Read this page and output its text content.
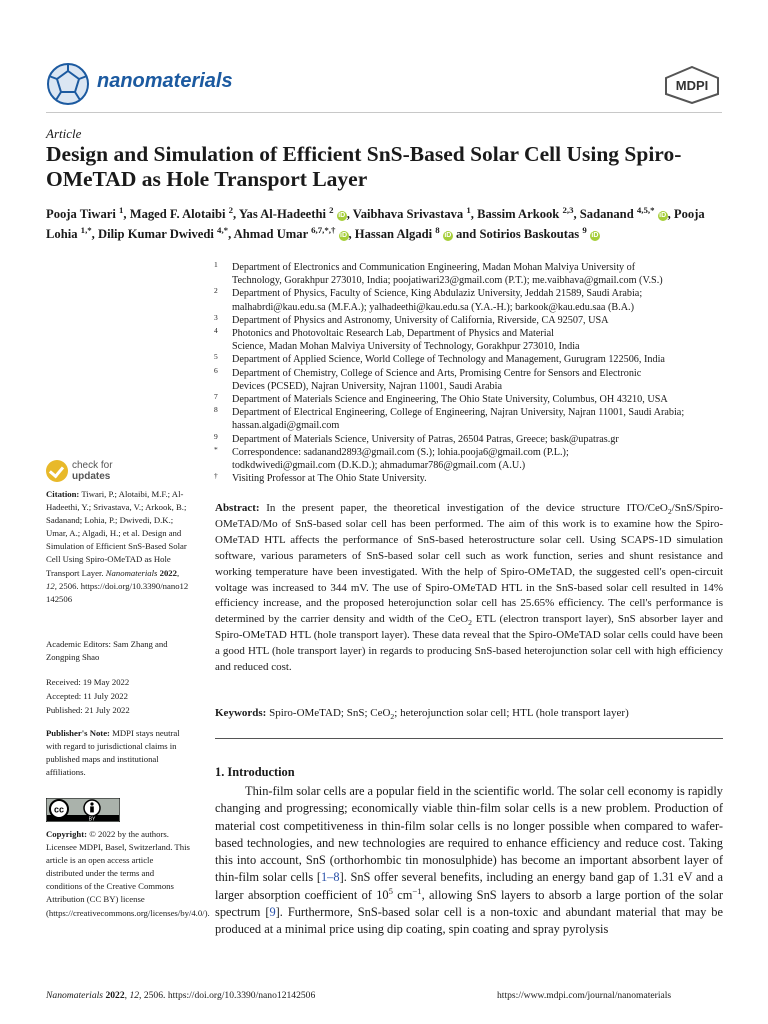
nanomaterials	MDPI
Article
Design and Simulation of Efficient SnS-Based Solar Cell Using Spiro-OMeTAD as Hole Transport Layer
Pooja Tiwari $^1$, Maged F. Alotaibi $^2$, Yas Al-Hadeethi $^2$ iD , Vaibhava Srivastava $^1$, Bassim Arkook $^{2,3}$, Sadanand $^{4,5,*}$ iD , Pooja Lohia $^{1,*}$, Dilip Kumar Dwivedi $^{4,*}$, Ahmad Umar $^{6,7,*,\dagger}$ iD , Hassan Algadi $^8$ iD and Sotirios Baskoutas $^9$ iD
1 Department of Electronics and Communication Engineering, Madan Mohan Malviya University of
Technology, Gorakhpur 273010, India; poojatiwari23@gmail.com (P.T.); me.vaibhava@gmail.com (V.S.)
2 Department of Physics, Faculty of Science, King Abdulaziz University, Jeddah 21589, Saudi Arabia;
malhabrdi@kau.edu.sa (M.F.A.); yalhadeethi@kau.edu.sa (Y.A.-H.); barkook@kau.edu.saa (B.A.)
3 Department of Physics and Astronomy, University of California, Riverside, CA 92507, USA
4 Photonics and Photovoltaic Research Lab, Department of Physics and Material
Science, Madan Mohan Malviya University of Technology, Gorakhpur 273010, India
5 Department of Applied Science, World College of Technology and Management, Gurugram 122506, India
6 Department of Chemistry, College of Science and Arts, Promising Centre for Sensors and Electronic
Devices (PCSED), Najran University, Najran 11001, Saudi Arabia
7 Department of Materials Science and Engineering, The Ohio State University, Columbus, OH 43210, USA
8 Department of Electrical Engineering, College of Engineering, Najran University, Najran 11001, Saudi Arabia;
hassan.algadi@gmail.com
9 Department of Materials Science, University of Patras, 26504 Patras, Greece; bask@upatras.gr
* Correspondence: sadanand2893@gmail.com (S.); lohia.pooja6@gmail.com (P.L.);
todkdwivedi@gmail.com (D.K.D.); ahmadumar786@gmail.com (A.U.)
† Visiting Professor at The Ohio State University.
check for
updates
Citation: Tiwari, P.; Alotaibi, M.F.; Al-Hadeethi, Y.; Srivastava, V.; Arkook, B.; Sadanand; Lohia, P.; Dwivedi, D.K.; Umar, A.; Algadi, H.; et al. Design and Simulation of Efficient SnS-Based Solar Cell Using Spiro-OMeTAD as Hole Transport Layer. Nanomaterials 2022, 12, 2506. https://doi.org/10.3390/nano12142506
Academic Editors: Sam Zhang and Zongping Shao
Received: 19 May 2022
Accepted: 11 July 2022
Published: 21 July 2022
Publisher's Note: MDPI stays neutral with regard to jurisdictional claims in published maps and institutional affiliations.
cc
BY
Copyright: © 2022 by the authors. Licensee MDPI, Basel, Switzerland. This article is an open access article distributed under the terms and conditions of the Creative Commons Attribution (CC BY) license (https://creativecommons.org/licenses/by/4.0/).
Abstract: In the present paper, the theoretical investigation of the device structure ITO/CeO$_2$/SnS/Spiro-OMeTAD/Mo of SnS-based solar cell has been performed. The aim of this work is to examine how the Spiro-OMeTAD HTL affects the performance of SnS-based heterostructure solar cell. Using SCAPS-1D simulation software, various parameters of SnS-based solar cell such as work function, series and shunt resistance and working temperature have been investigated. With the help of Spiro-OMeTAD, the suggested cell's open-circuit voltage was increased to 344 mV. The use of Spiro-OMeTAD HTL in the SnS-based solar cell resulted in 14% efficiency increase, and the proposed heterojunction solar cell has 25.65% efficiency. The cell's performance is determined by the carrier density and width of the CeO$_2$ ETL (electron transport layer), SnS absorber layer and Spiro-OMeTAD HTL (hole transport layer). These data reveal that the Spiro-OMeTAD solar cells could have been a good HTL (hole transport layer) in regards to producing SnS-based heterojunction solar cell with high efficiency and reduced cost.
Keywords: Spiro-OMeTAD; SnS; CeO$_2$; heterojunction solar cell; HTL (hole transport layer)
1. Introduction
Thin-film solar cells are a popular field in the scientific world. The solar cell economy is rapidly changing and progressing; economically viable thin-film solar cells is a new problem. Production of material cost competitiveness in thin-film solar cells is no longer possible when compared to wafer-based technologies, and new technologies are required to enhance efficiency and reduce cost. Taking this into account, SnS (orthorhombic tin monosulphide) has become an important absorbent layer of thin-film solar cells [1–8]. SnS offer several benefits, including an energy band gap of 1.31 eV and a larger absorption coefficient of $10^5$ $cm^{-1}$, allowing SnS layers to absorb a large portion of the solar spectrum [9]. Furthermore, SnS-based solar cell is a non-toxic and abundant material that may be produced at a minimal price using dip coating, spin coating and spray pyrolysis
Nanomaterials 2022, 12, 2506. https://doi.org/10.3390/nano12142506	https://www.mdpi.com/journal/nanomaterials
